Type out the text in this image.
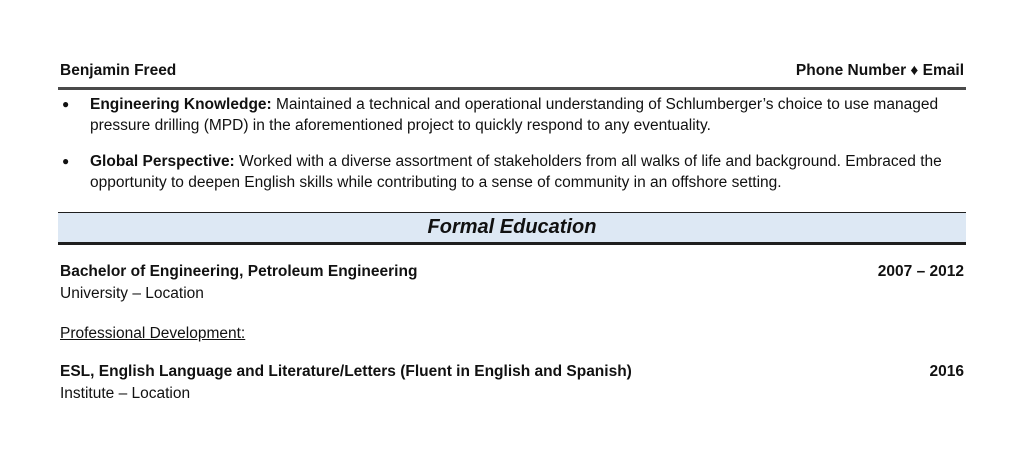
Benjamin Freed	Phone Number ♦ Email
● Engineering Knowledge: Maintained a technical and operational understanding of Schlumberger’s choice to use managed pressure drilling (MPD) in the aforementioned project to quickly respond to any eventuality.
● Global Perspective: Worked with a diverse assortment of stakeholders from all walks of life and background. Embraced the opportunity to deepen English skills while contributing to a sense of community in an offshore setting.
Formal Education
Bachelor of Engineering, Petroleum Engineering	2007 – 2012
University – Location
Professional Development:
ESL, English Language and Literature/Letters (Fluent in English and Spanish)	2016
Institute – Location
